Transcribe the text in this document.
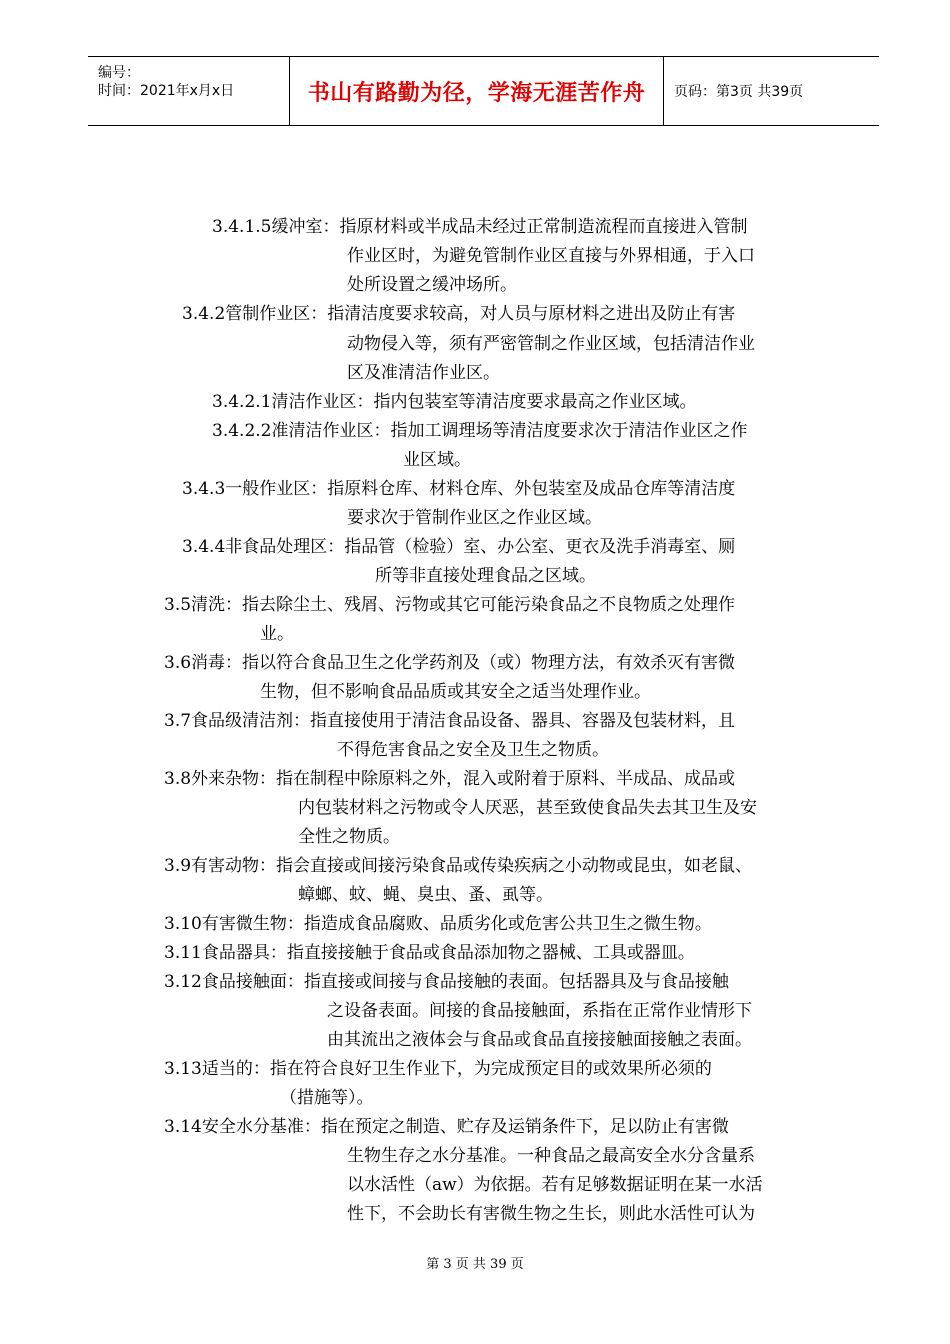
编号：
时间：2021年x月x日	书山有路勤为径，学海无涯苦作舟 页码：第3页 共39页
3.4.1.5缓冲室：指原材料或半成品未经过正常制造流程而直接进入管制
作业区时，为避免管制作业区直接与外界相通，于入口
处所设置之缓冲场所。
3.4.2管制作业区：指清洁度要求较高，对人员与原材料之进出及防止有害
动物侵入等，须有严密管制之作业区域，包括清洁作业
区及准清洁作业区。
3.4.2.1清洁作业区：指内包装室等清洁度要求最高之作业区域。
3.4.2.2准清洁作业区：指加工调理场等清洁度要求次于清洁作业区之作
业区域。
3.4.3一般作业区：指原料仓库、材料仓库、外包装室及成品仓库等清洁度
要求次于管制作业区之作业区域。
3.4.4非食品处理区：指品管（检验）室、办公室、更衣及洗手消毒室、厕
所等非直接处理食品之区域。
3.5清洗：指去除尘土、残屑、污物或其它可能污染食品之不良物质之处理作
业。
3.6消毒：指以符合食品卫生之化学药剂及（或）物理方法，有效杀灭有害微
生物，但不影响食品品质或其安全之适当处理作业。
3.7食品级清洁剂：指直接使用于清洁食品设备、器具、容器及包装材料，且
不得危害食品之安全及卫生之物质。
3.8外来杂物：指在制程中除原料之外，混入或附着于原料、半成品、成品或
内包装材料之污物或令人厌恶，甚至致使食品失去其卫生及安
全性之物质。
3.9有害动物：指会直接或间接污染食品或传染疾病之小动物或昆虫，如老鼠、
蟑螂、蚊、蝇、臭虫、蚤、虱等。
3.10有害微生物：指造成食品腐败、品质劣化或危害公共卫生之微生物。
3.11食品器具：指直接接触于食品或食品添加物之器械、工具或器皿。
3.12食品接触面：指直接或间接与食品接触的表面。包括器具及与食品接触
之设备表面。间接的食品接触面，系指在正常作业情形下
由其流出之液体会与食品或食品直接接触面接触之表面。
3.13适当的：指在符合良好卫生作业下，为完成预定目的或效果所必须的
（措施等）。
3.14安全水分基准：指在预定之制造、贮存及运销条件下，足以防止有害微
生物生存之水分基准。一种食品之最高安全水分含量系
以水活性（aw）为依据。若有足够数据证明在某一水活
性下，不会助长有害微生物之生长，则此水活性可认为
第 3 页 共 39 页
